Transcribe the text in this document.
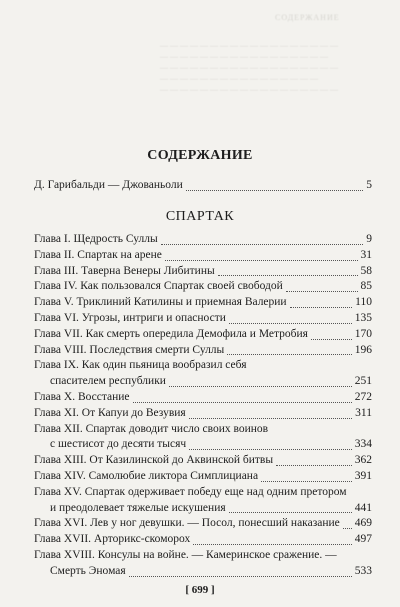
СОДЕРЖАНИЕ
— — — — — — — — — — — — — — — — — —
— — — — — — — — — — — — — — — — —
— — — — — — — — — — — — — — — — — —
— — — — — — — — — — — — — — — —
— — — — — — — — — — — — — — — — — —
СОДЕРЖАНИЕ
Д. Гарибальди — Джованьоли	5
СПАРТАК
Глава I. Щедрость Суллы	9
Глава II. Спартак на арене	31
Глава III. Таверна Венеры Либитины	58
Глава IV. Как пользовался Спартак своей свободой	85
Глава V. Триклиний Катилины и приемная Валерии	110
Глава VI. Угрозы, интриги и опасности	135
Глава VII. Как смерть опередила Демофила и Метробия	170
Глава VIII. Последствия смерти Суллы	196
Глава IX. Как один пьяница вообразил себя
спасителем республики	251
Глава X. Восстание	272
Глава XI. От Капуи до Везувия	311
Глава XII. Спартак доводит число своих воинов
с шестисот до десяти тысяч	334
Глава XIII. От Казилинской до Аквинской битвы	362
Глава XIV. Самолюбие ликтора Симплициана	391
Глава XV. Спартак одерживает победу еще над одним претором
и преодолевает тяжелые искушения	441
Глава XVI. Лев у ног девушки. — Посол, понесший наказание 469
Глава XVII. Арторикс-скоморох	497
Глава XVIII. Консулы на войне. — Камеринское сражение. —
Смерть Эномая	533
[ 699 ]
